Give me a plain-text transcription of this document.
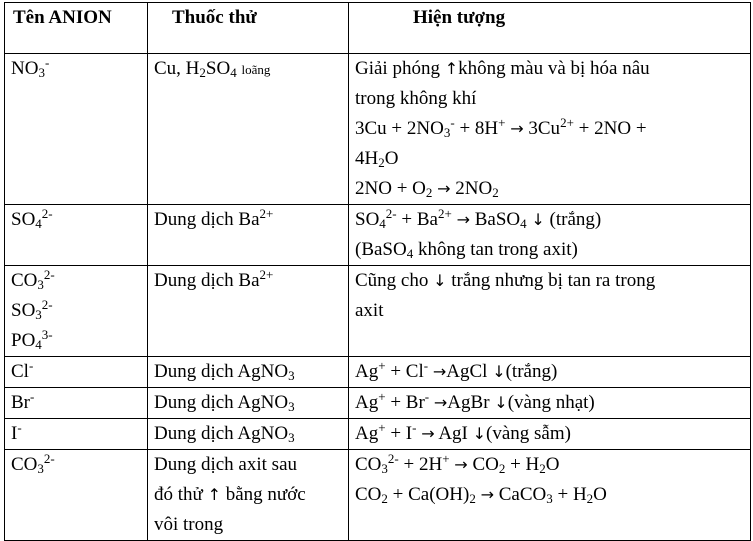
Tên ANION	Thuốc thử	Hiện tượng

$NO_3^-$	Cu, $H_2SO_4$ loãng	Giải phóng ↑không màu và bị hóa nâu
trong không khí
$3Cu + 2NO_3^- + 8H^+ \to 3Cu^{2+} + 2NO$ +
$4H_2O$
$2NO + O_2 \to 2NO_2$

$SO_4^{2-}$	Dung dịch $Ba^{2+}$	$SO_4^{2-} + Ba^{2+}$ → BaSO$_4$ ↓ (trắng)
(BaSO$_4$ không tan trong axit)

$CO_3^{2-}$
$SO_3^{2-}$
$PO_4^{3-}$	Dung dịch $Ba^{2+}$	Cũng cho ↓ trắng nhưng bị tan ra trong
axit

Cl-	Dung dịch AgNO$_3$	Ag+ + Cl- →AgCl ↓(trắng)

Br-	Dung dịch AgNO$_3$	Ag+ + Br- →AgBr ↓(vàng nhạt)

I-	Dung dịch AgNO$_3$	Ag+ + I- → AgI ↓(vàng sẫm)

$CO_3^{2-}$	Dung dịch axit sau
đó thử ↑ bằng nước
vôi trong	$CO_3^{2-} + 2H^+ \to CO_2 + H_2O$
$CO_2 + Ca(OH)_2$ → CaCO$_3$ + $H_2O$
